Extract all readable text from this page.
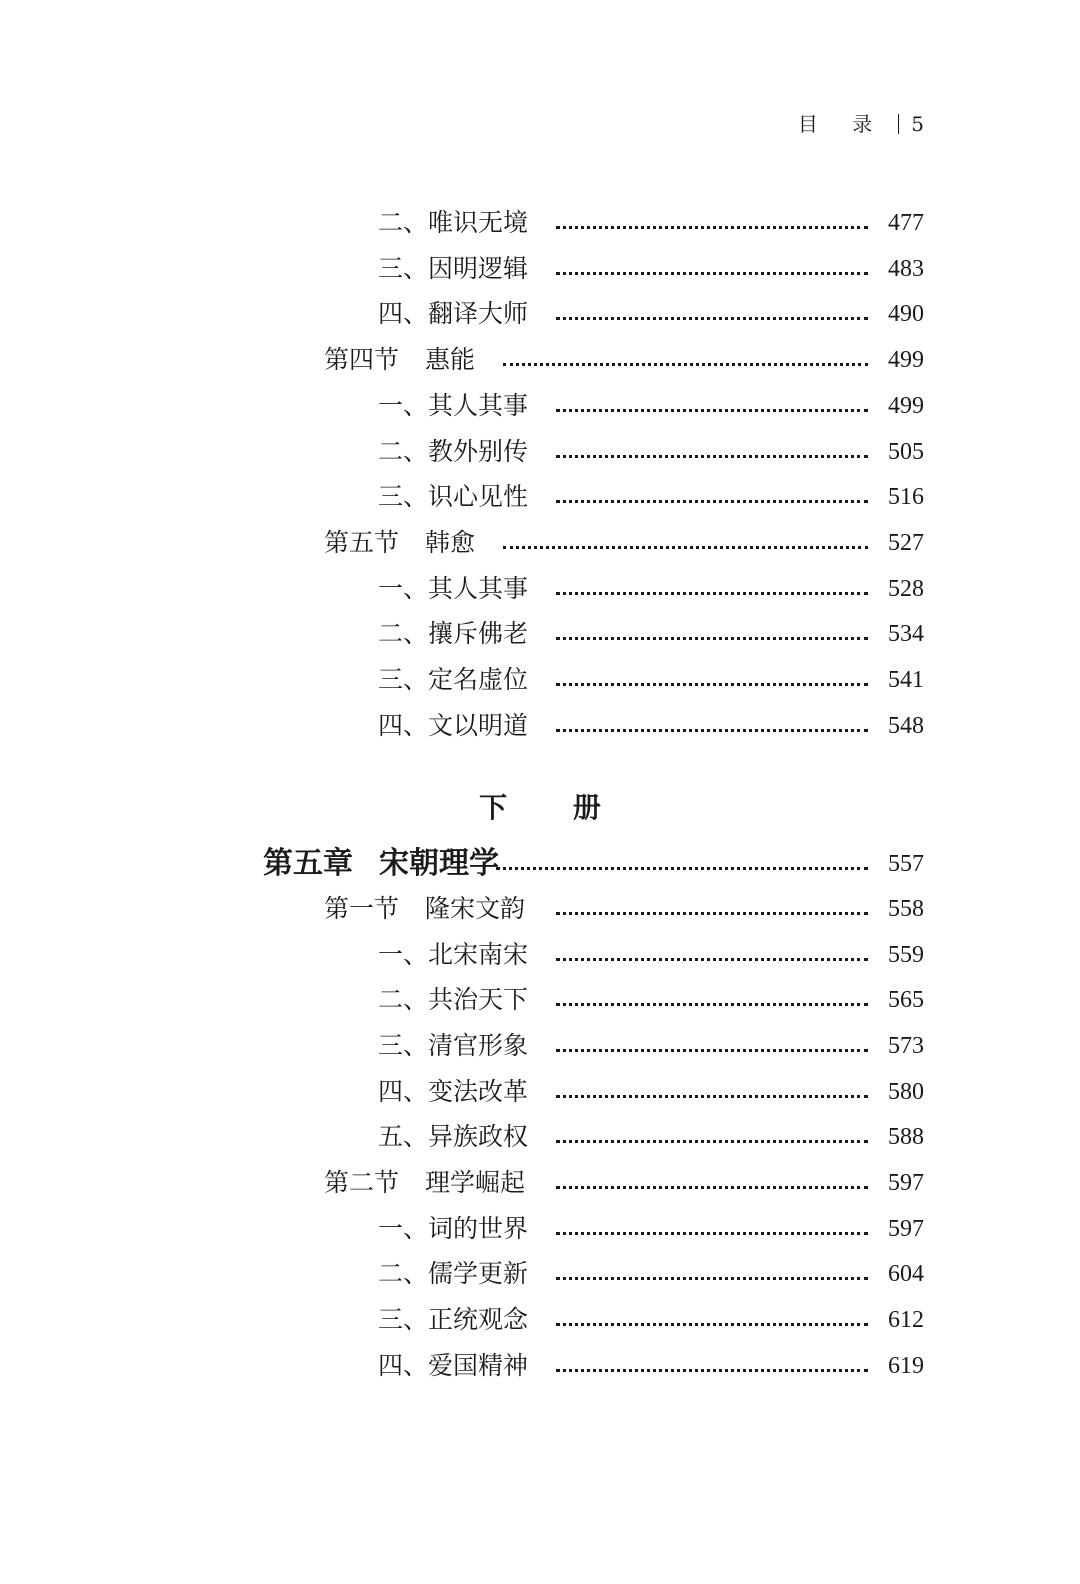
目 录 5
二、唯识无境	477
三、因明逻辑	483
四、翻译大师	490
第四节 惠能	499
一、其人其事	499
二、教外别传	505
三、识心见性	516
第五节 韩愈	527
一、其人其事	528
二、攘斥佛老	534
三、定名虚位	541
四、文以明道	548
下 册
第五章 宋朝理学	557
第一节 隆宋文韵	558
一、北宋南宋	559
二、共治天下	565
三、清官形象	573
四、变法改革	580
五、异族政权	588
第二节 理学崛起	597
一、词的世界	597
二、儒学更新	604
三、正统观念	612
四、爱国精神	619
